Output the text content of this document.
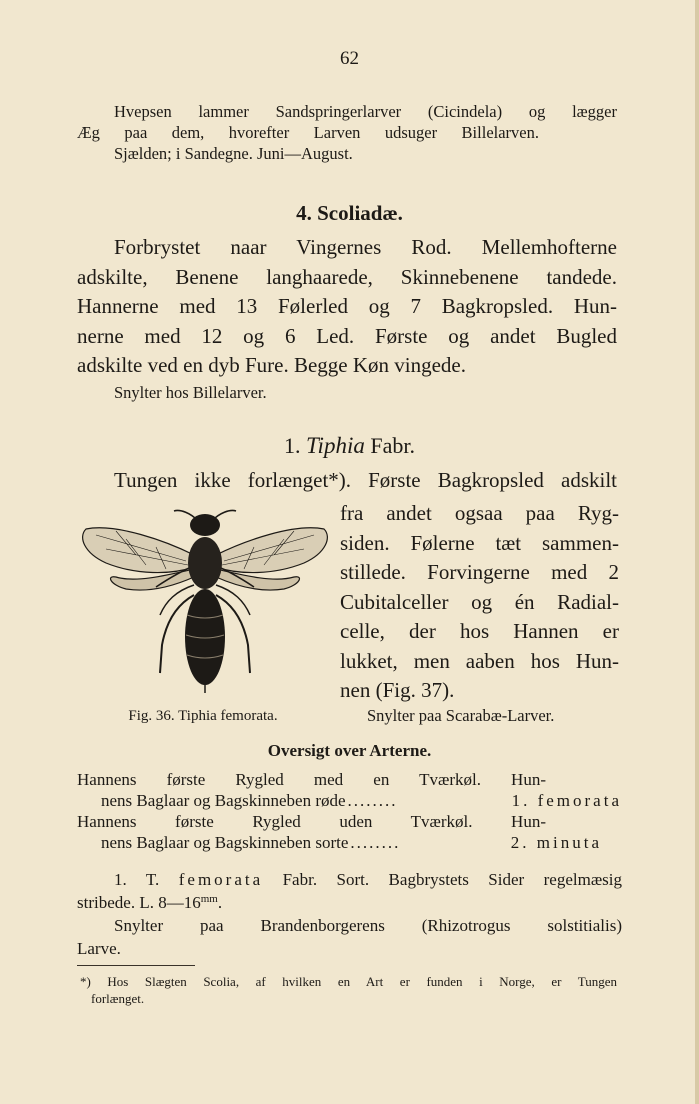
62
Hvepsen lammer Sandspringerlarver (Cicindela) og lægger
Æg paa dem, hvorefter Larven udsuger Billelarven.
Sjælden; i Sandegne. Juni—August.
4. Scoliadæ.
Forbrystet naar Vingernes Rod. Mellemhofterne
adskilte, Benene langhaarede, Skinnebenene tandede.
Hannerne med 13 Følerled og 7 Bagkropsled. Hun-
nerne med 12 og 6 Led. Første og andet Bugled
adskilte ved en dyb Fure. Begge Køn vingede.
Snylter hos Billelarver.
1. Tiphia Fabr.
Tungen ikke forlænget*). Første Bagkropsled adskilt
Fig. 36. Tiphia femorata.
fra andet ogsaa paa Ryg-
siden. Følerne tæt sammen-
stillede. Forvingerne med 2
Cubitalceller og én Radial-
celle, der hos Hannen er
lukket, men aaben hos Hun-
nen (Fig. 37).
Snylter paa Scarabæ-Larver.
Oversigt over Arterne.
Hannens første Rygled med en Tværkøl. Hun-
nens Baglaar og Bagskinneben røde ........	1. femorata
Hannens første Rygled uden Tværkøl. Hun-
nens Baglaar og Bagskinneben sorte ........	2. minuta
1. T. femorata Fabr. Sort. Bagbrystets Sider regelmæsig
stribede. L. $8—16^{mm}$.
Snylter paa Brandenborgerens (Rhizotrogus solstitialis)
Larve.
*) Hos Slægten Scolia, af hvilken en Art er funden i Norge, er Tungen
forlænget.
